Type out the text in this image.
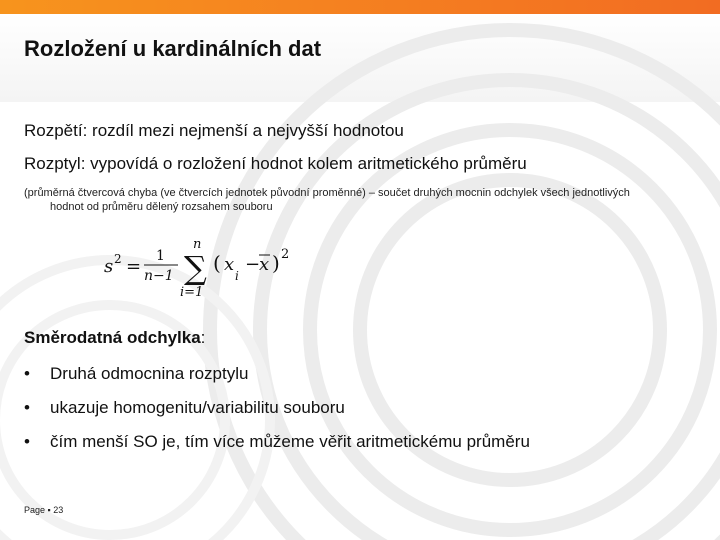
Rozložení u kardinálních dat
Rozpětí: rozdíl mezi nejmenší a nejvyšší hodnotou
Rozptyl: vypovídá o rozložení hodnot kolem aritmetického průměru
(průměrná čtvercová chyba (ve čtvercích jednotek původní proměnné) – součet druhých mocnin odchylek všech jednotlivých
hodnot od průměru dělený rozsahem souboru
s 2 = 1
n−1
n
∑
i=1
( x
i
−
x ) 2
Směrodatná odchylka:
• Druhá odmocnina rozptylu
• ukazuje homogenitu/variabilitu souboru
• čím menší SO je, tím více můžeme věřit aritmetickému průměru
Page ▪ 23
